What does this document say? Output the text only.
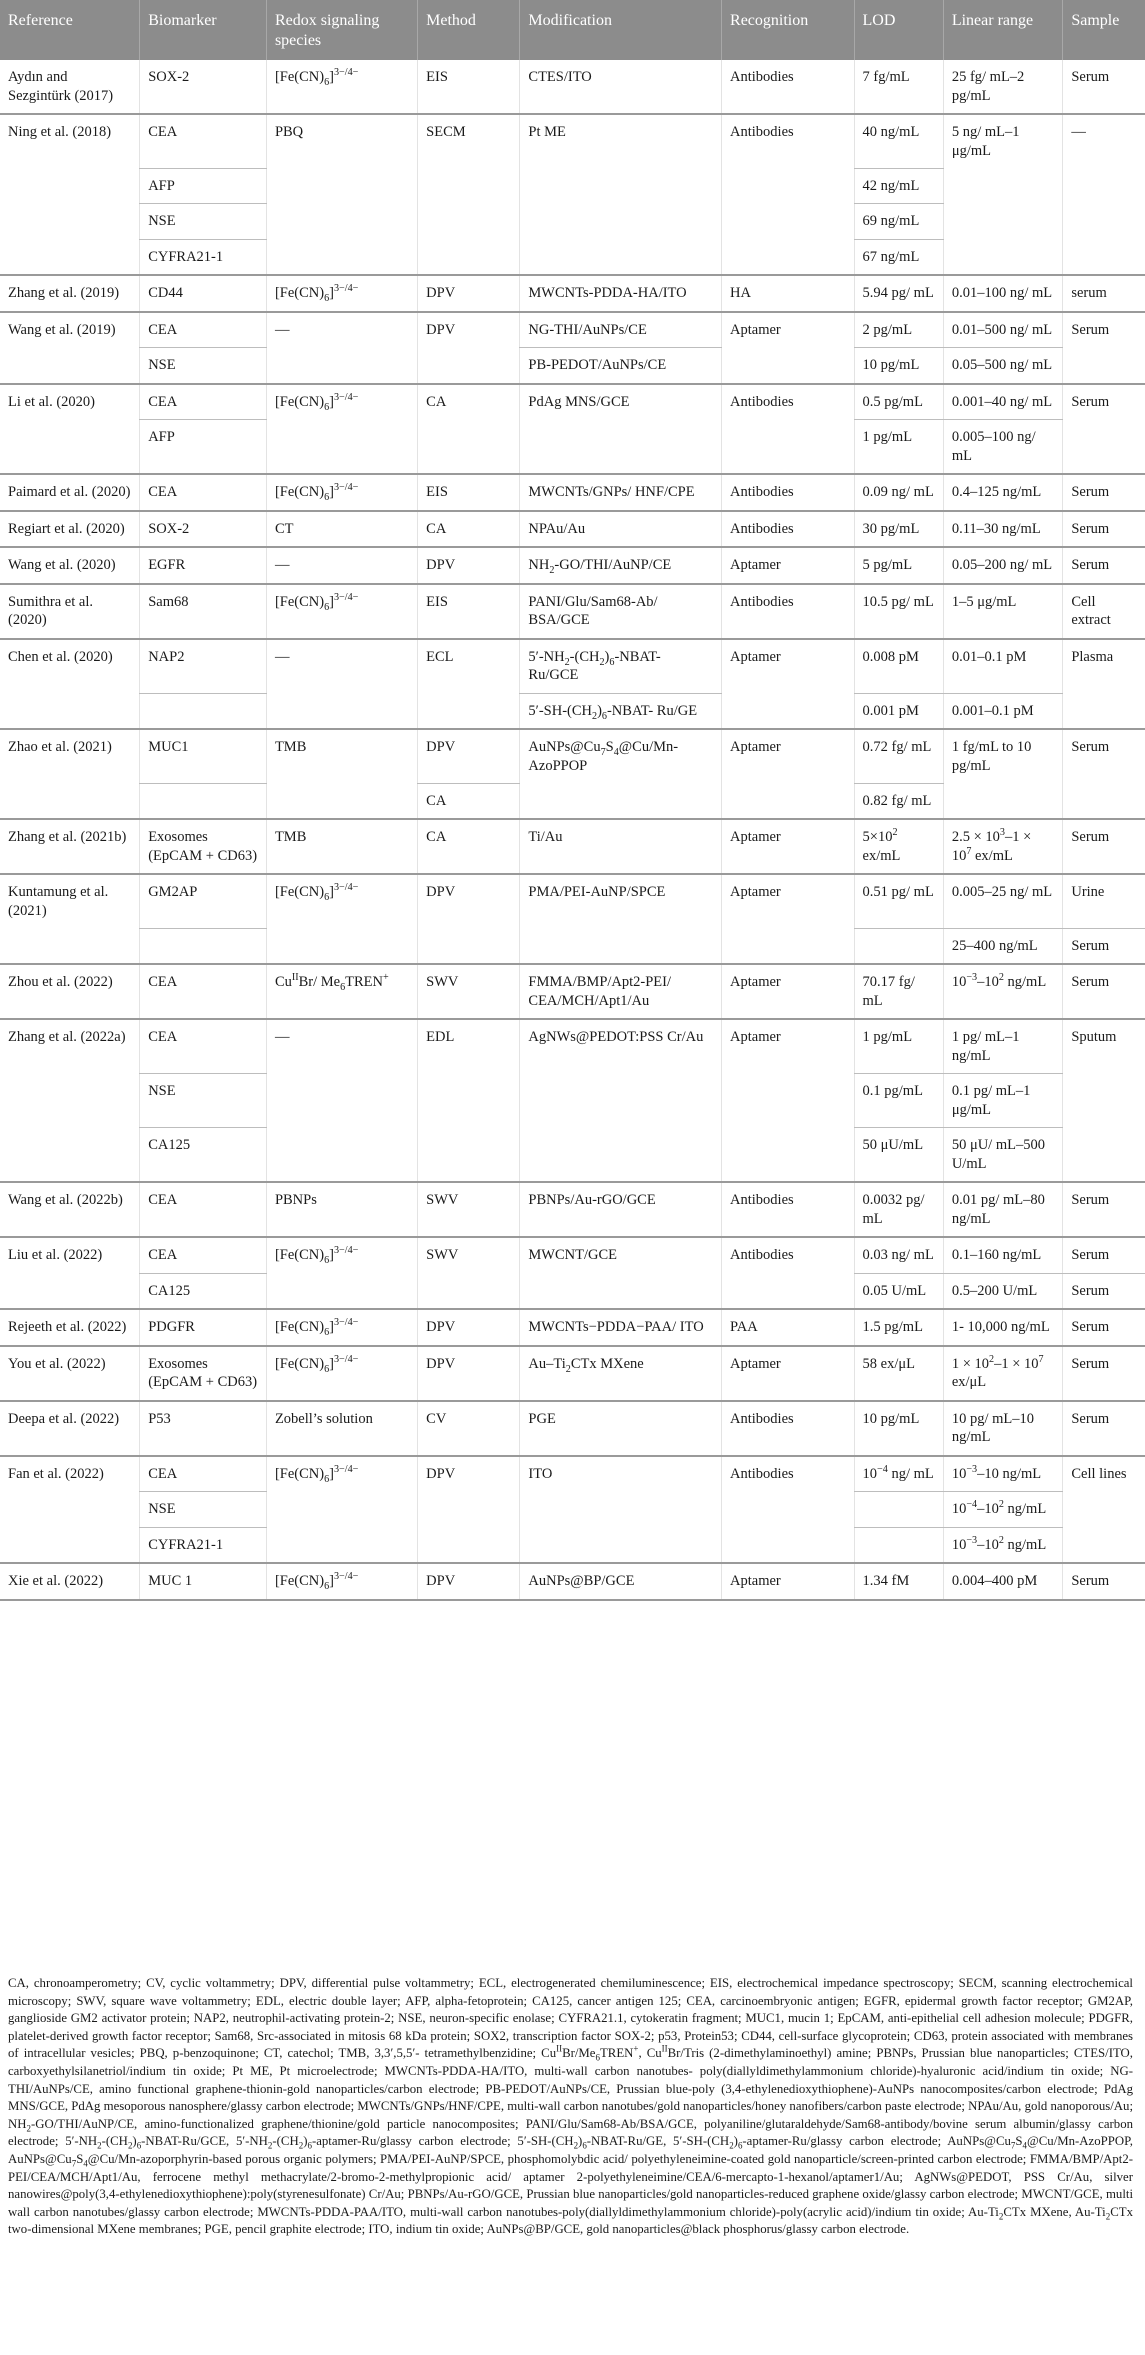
Reference	Biomarker	Redox signaling species	Method	Modification	Recognition	LOD	Linear range	Sample
Aydın and Sezgintürk (2017)	SOX-2	$[Fe(CN)_6]^{3-/4-}$	EIS	CTES/ITO	Antibodies	7 fg/mL	25 fg/ mL–2 pg/mL	Serum
Ning et al. (2018)	CEA	PBQ	SECM	Pt ME	Antibodies	40 ng/mL	5 ng/ mL–1 μg/mL	—
	AFP					42 ng/mL		
	NSE					69 ng/mL		
	CYFRA21-1					67 ng/mL		
Zhang et al. (2019)	CD44	$[Fe(CN)_6]^{3-/4-}$	DPV	MWCNTs-PDDA-HA/ITO	HA	5.94 pg/ mL	0.01–100 ng/ mL	serum
Wang et al. (2019)	CEA	—	DPV	NG-THI/AuNPs/CE	Aptamer	2 pg/mL	0.01–500 ng/ mL	Serum
	NSE			PB-PEDOT/AuNPs/CE		10 pg/mL	0.05–500 ng/ mL	
Li et al. (2020)	CEA	$[Fe(CN)_6]^{3-/4-}$	CA	PdAg MNS/GCE	Antibodies	0.5 pg/mL	0.001–40 ng/ mL	Serum
	AFP					1 pg/mL	0.005–100 ng/ mL	
Paimard et al. (2020)	CEA	$[Fe(CN)_6]^{3-/4-}$	EIS	MWCNTs/GNPs/ HNF/CPE	Antibodies	0.09 ng/ mL	0.4–125 ng/mL	Serum
Regiart et al. (2020)	SOX-2	CT	CA	NPAu/Au	Antibodies	30 pg/mL	0.11–30 ng/mL	Serum
Wang et al. (2020)	EGFR	—	DPV	$NH_2-GO/THI/AuNP/CE$	Aptamer	5 pg/mL	0.05–200 ng/ mL	Serum
Sumithra et al. (2020)	Sam68	$[Fe(CN)_6]^{3-/4-}$	EIS	PANI/Glu/Sam68-Ab/ BSA/GCE	Antibodies	10.5 pg/ mL	1–5 μg/mL	Cell extract
Chen et al. (2020)	NAP2	—	ECL	$5'-NH_2-(CH_2)_6-NBAT-$ Ru/GCE	Aptamer	0.008 pM	0.01–0.1 pM	Plasma
				$5'-SH-(CH_2)_6-NBAT-$ Ru/GE		0.001 pM	0.001–0.1 pM	
Zhao et al. (2021)	MUC1	TMB	DPV	$AuNPs@Cu_7S_4@Cu/Mn-$ AzoPPOP	Aptamer	0.72 fg/ mL	1 fg/mL to 10 pg/mL	Serum
			CA			0.82 fg/ mL		
Zhang et al. (2021b)	Exosomes (EpCAM + CD63)	TMB	CA	Ti/Au	Aptamer	$5\times 10^2$ ex/mL	$2.5 \times 10^3-1 \times 10^7$ ex/mL	Serum
Kuntamung et al. (2021)	GM2AP	$[Fe(CN)_6]^{3-/4-}$	DPV	PMA/PEI-AuNP/SPCE	Aptamer	0.51 pg/ mL	0.005–25 ng/ mL	Urine
							25–400 ng/mL	Serum
Zhou et al. (2022)	CEA	$Cu^{II}Br/$ $Me_6TREN^+$	SWV	FMMA/BMP/Apt2-PEI/ CEA/MCH/Apt1/Au	Aptamer	70.17 fg/ mL	$10^{-3}-10^2$ ng/mL	Serum
Zhang et al. (2022a)	CEA	—	EDL	AgNWs@PEDOT:PSS Cr/Au	Aptamer	1 pg/mL	1 pg/ mL–1 ng/mL	Sputum
	NSE					0.1 pg/mL	0.1 pg/ mL–1 μg/mL	
	CA125					50 μU/mL	50 μU/ mL–500 U/mL	
Wang et al. (2022b)	CEA	PBNPs	SWV	PBNPs/Au-rGO/GCE	Antibodies	0.0032 pg/ mL	0.01 pg/ mL–80 ng/mL	Serum
Liu et al. (2022)	CEA	$[Fe(CN)_6]^{3-/4-}$	SWV	MWCNT/GCE	Antibodies	0.03 ng/ mL	0.1–160 ng/mL	Serum
	CA125					0.05 U/mL	0.5–200 U/mL	Serum
Rejeeth et al. (2022)	PDGFR	$[Fe(CN)_6]^{3-/4-}$	DPV	MWCNTs−PDDA−PAA/ ITO	PAA	1.5 pg/mL	1- 10,000 ng/mL	Serum
You et al. (2022)	Exosomes (EpCAM + CD63)	$[Fe(CN)_6]^{3-/4-}$	DPV	$Au-Ti_2CTx$ MXene	Aptamer	58 ex/μL	$1 \times 10^2-1 \times 10^7$ ex/μL	Serum
Deepa et al. (2022)	P53	Zobell’s solution	CV	PGE	Antibodies	10 pg/mL	10 pg/ mL–10 ng/mL	Serum
Fan et al. (2022)	CEA	$[Fe(CN)_6]^{3-/4-}$	DPV	ITO	Antibodies	$10^{-4}$ ng/ mL	$10^{-3}-10$ ng/mL	Cell lines
	NSE						$10^{-4}-10^2$ ng/mL	
	CYFRA21-1						$10^{-3}-10^2$ ng/mL	
Xie et al. (2022)	MUC 1	$[Fe(CN)_6]^{3-/4-}$	DPV	AuNPs@BP/GCE	Aptamer	1.34 fM	0.004–400 pM	Serum
CA, chronoamperometry; CV, cyclic voltammetry; DPV, differential pulse voltammetry; ECL, electrogenerated chemiluminescence; EIS, electrochemical impedance spectroscopy; SECM, scanning electrochemical microscopy; SWV, square wave voltammetry; EDL, electric double layer; AFP, alpha-fetoprotein; CA125, cancer antigen 125; CEA, carcinoembryonic antigen; EGFR, epidermal growth factor receptor; GM2AP, ganglioside GM2 activator protein; NAP2, neutrophil-activating protein-2; NSE, neuron-specific enolase; CYFRA21.1, cytokeratin fragment; MUC1, mucin 1; EpCAM, anti-epithelial cell adhesion molecule; PDGFR, platelet-derived growth factor receptor; Sam68, Src-associated in mitosis 68 kDa protein; SOX2, transcription factor SOX-2; p53, Protein53; CD44, cell-surface glycoprotein; CD63, protein associated with membranes of intracellular vesicles; PBQ, p-benzoquinone; CT, catechol; TMB, 3,3′,5,5′- tetramethylbenzidine; $Cu^{II}Br/Me_6TREN^+$, $Cu^{II}Br$/Tris (2-dimethylaminoethyl) amine; PBNPs, Prussian blue nanoparticles; CTES/ITO, carboxyethylsilanetriol/indium tin oxide; Pt ME, Pt microelectrode; MWCNTs-PDDA-HA/ITO, multi-wall carbon nanotubes- poly(diallyldimethylammonium chloride)-hyaluronic acid/indium tin oxide; NG-THI/AuNPs/CE, amino functional graphene-thionin-gold nanoparticles/carbon electrode; PB-PEDOT/AuNPs/CE, Prussian blue-poly (3,4-ethylenedioxythiophene)-AuNPs nanocomposites/carbon electrode; PdAg MNS/GCE, PdAg mesoporous nanosphere/glassy carbon electrode; MWCNTs/GNPs/HNF/CPE, multi-wall carbon nanotubes/gold nanoparticles/honey nanofibers/carbon paste electrode; NPAu/Au, gold nanoporous/Au; $NH_2-GO/THI/AuNP/CE$, amino-functionalized graphene/thionine/gold particle nanocomposites; PANI/Glu/Sam68-Ab/BSA/GCE, polyaniline/glutaraldehyde/Sam68-antibody/bovine serum albumin/glassy carbon electrode; $5'-NH_2-(CH_2)_6-NBAT-Ru$/GCE, $5'-NH_2-(CH_2)_6-aptamer-Ru$/glassy carbon electrode; $5'-SH-(CH_2)_6-NBAT-Ru/GE$, $5'-SH-(CH_2)_6-aptamer-Ru$/glassy carbon electrode; $AuNPs@Cu_7S_4@Cu/Mn$-AzoPPOP, $AuNPs@Cu_7S_4@Cu/Mn-azoporphyrin$-based porous organic polymers; PMA/PEI-AuNP/SPCE, phosphomolybdic acid/ polyethyleneimine-coated gold nanoparticle/screen-printed carbon electrode; FMMA/BMP/Apt2-PEI/CEA/MCH/Apt1/Au, ferrocene methyl methacrylate/2-bromo-2-methylpropionic acid/ aptamer 2-polyethyleneimine/CEA/6-mercapto-1-hexanol/aptamer1/Au; AgNWs@PEDOT, PSS Cr/Au, silver nanowires@poly(3,4-ethylenedioxythiophene):poly(styrenesulfonate) Cr/Au; PBNPs/Au-rGO/GCE, Prussian blue nanoparticles/gold nanoparticles-reduced graphene oxide/glassy carbon electrode; MWCNT/GCE, multi wall carbon nanotubes/glassy carbon electrode; MWCNTs-PDDA-PAA/ITO, multi-wall carbon nanotubes-poly(diallyldimethylammonium chloride)-poly(acrylic acid)/indium tin oxide; $Au-Ti_2CTx$ MXene, $Au-Ti_2CTx$ two-dimensional MXene membranes; PGE, pencil graphite electrode; ITO, indium tin oxide; AuNPs@BP/GCE, gold nanoparticles@black phosphorus/glassy carbon electrode.
